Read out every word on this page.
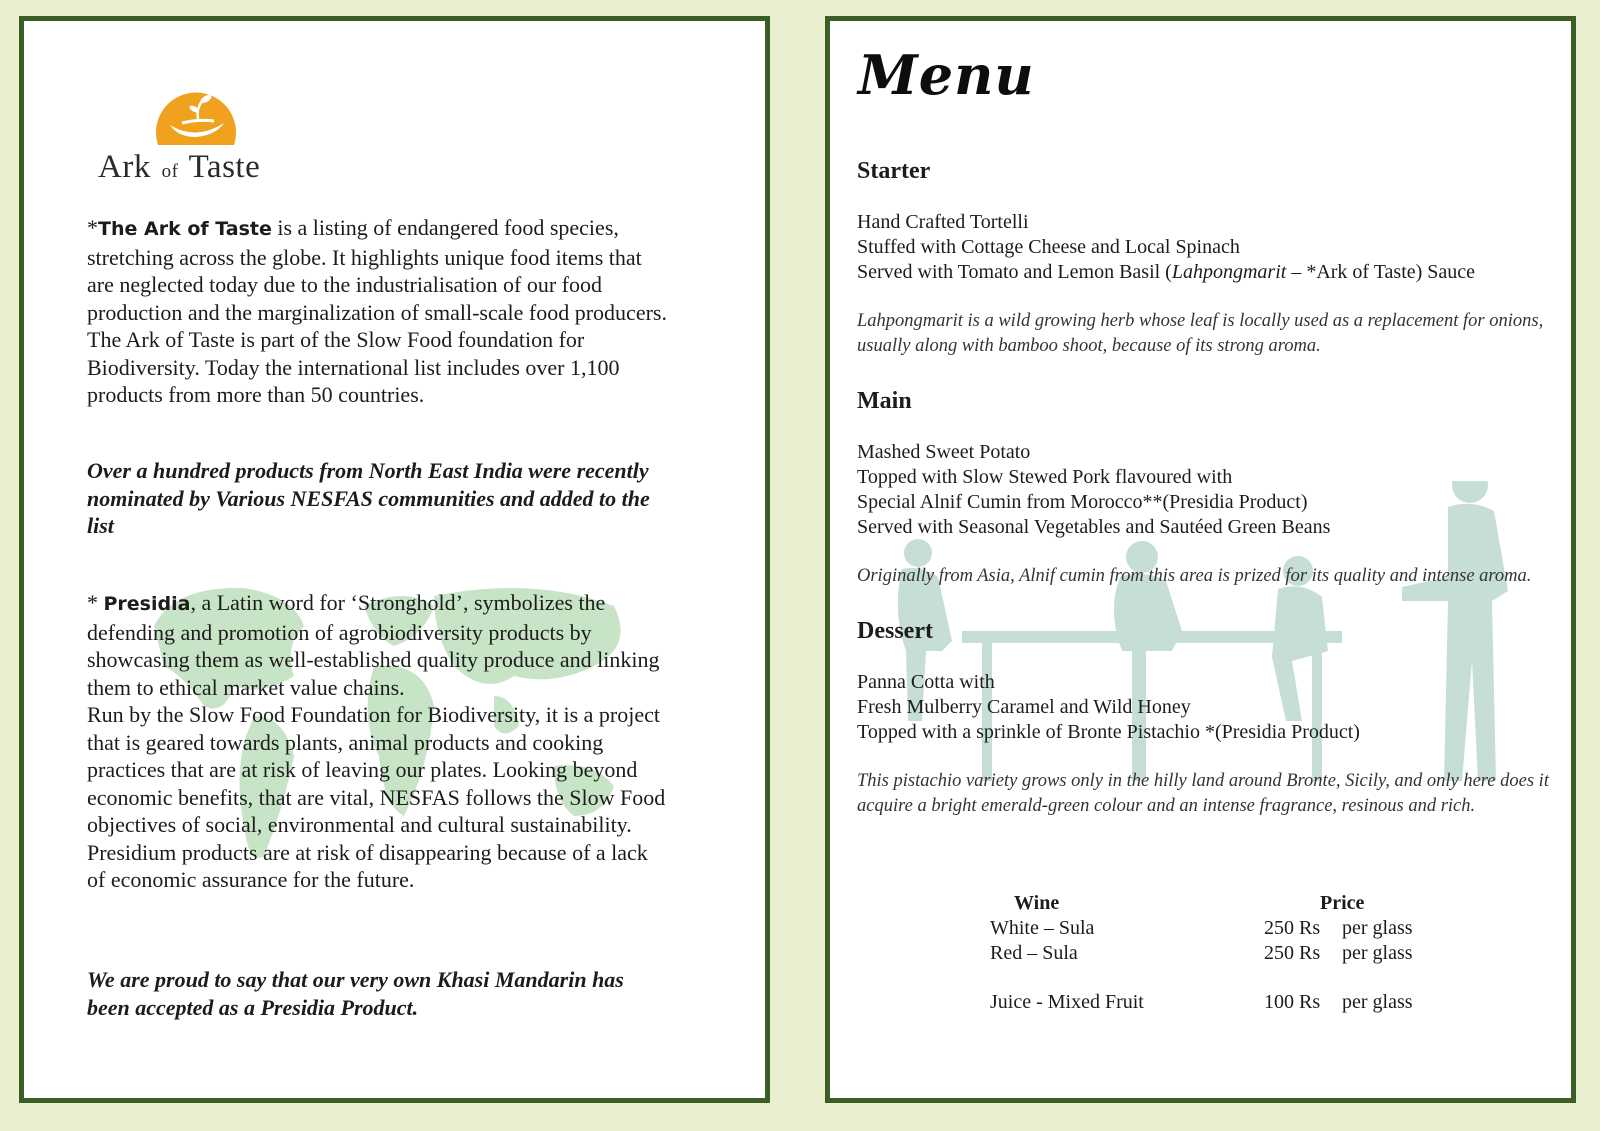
Ark of Taste

*The Ark of Taste is a listing of endangered food species, stretching across the globe. It highlights unique food items that are neglected today due to the industrialisation of our food production and the marginalization of small-scale food producers. The Ark of Taste is part of the Slow Food foundation for Biodiversity. Today the international list includes over 1,100 products from more than 50 countries.

Over a hundred products from North East India were recently nominated by Various NESFAS communities and added to the list

* Presidia, a Latin word for ‘Stronghold’, symbolizes the defending and promotion of agrobiodiversity products by showcasing them as well-established quality produce and linking them to ethical market value chains.

Run by the Slow Food Foundation for Biodiversity, it is a project that is geared towards plants, animal products and cooking practices that are at risk of leaving our plates. Looking beyond economic benefits, that are vital, NESFAS follows the Slow Food objectives of social, environmental and cultural sustainability.

Presidium products are at risk of disappearing because of a lack of economic assurance for the future.

We are proud to say that our very own Khasi Mandarin has been accepted as a Presidia Product.
Menu
Starter

Hand Crafted Tortelli

Stuffed with Cottage Cheese and Local Spinach

Served with Tomato and Lemon Basil (Lahpongmarit – *Ark of Taste) Sauce

Lahpongmarit is a wild growing herb whose leaf is locally used as a replacement for onions, usually along with bamboo shoot, because of its strong aroma.

Main

Mashed Sweet Potato

Topped with Slow Stewed Pork flavoured with

Special Alnif Cumin from Morocco**(Presidia Product)

Served with Seasonal Vegetables and Sautéed Green Beans

Originally from Asia, Alnif cumin from this area is prized for its quality and intense aroma.

Dessert

Panna Cotta with

Fresh Mulberry Caramel and Wild Honey

Topped with a sprinkle of Bronte Pistachio *(Presidia Product)

This pistachio variety grows only in the hilly land around Bronte, Sicily, and only here does it acquire a bright emerald-green colour and an intense fragrance, resinous and rich.

Wine	Price
White – Sula	250 Rs per glass
Red – Sula	250 Rs per glass
Juice - Mixed Fruit	100 Rs per glass
